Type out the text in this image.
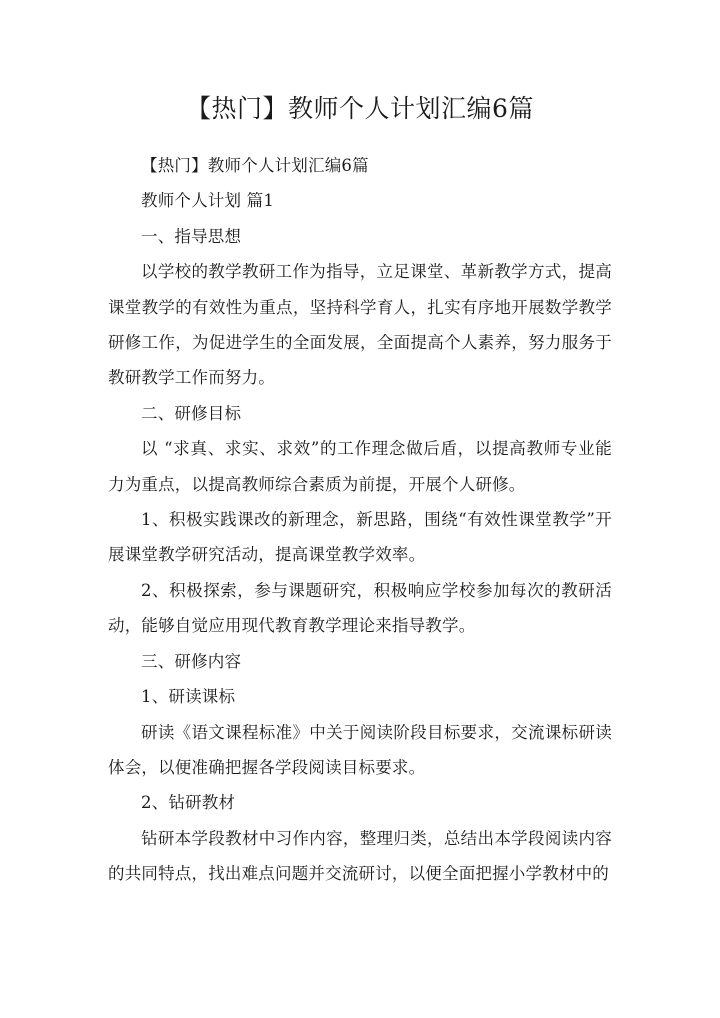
【热门】教师个人计划汇编6篇

【热门】教师个人计划汇编6篇

教师个人计划 篇1

一、指导思想

以学校的教学教研工作为指导，立足课堂、革新教学方式，提高课堂教学的有效性为重点，坚持科学育人，扎实有序地开展数学教学研修工作，为促进学生的全面发展，全面提高个人素养，努力服务于教研教学工作而努力。

二、研修目标

以 “求真、求实、求效”的工作理念做后盾，以提高教师专业能力为重点，以提高教师综合素质为前提，开展个人研修。

1、积极实践课改的新理念，新思路，围绕“有效性课堂教学”开展课堂教学研究活动，提高课堂教学效率。

2、积极探索，参与课题研究，积极响应学校参加每次的教研活动，能够自觉应用现代教育教学理论来指导教学。

三、研修内容

1、研读课标

研读《语文课程标准》中关于阅读阶段目标要求，交流课标研读体会，以便准确把握各学段阅读目标要求。

2、钻研教材

钻研本学段教材中习作内容，整理归类，总结出本学段阅读内容的共同特点，找出难点问题并交流研讨，以便全面把握小学教材中的
